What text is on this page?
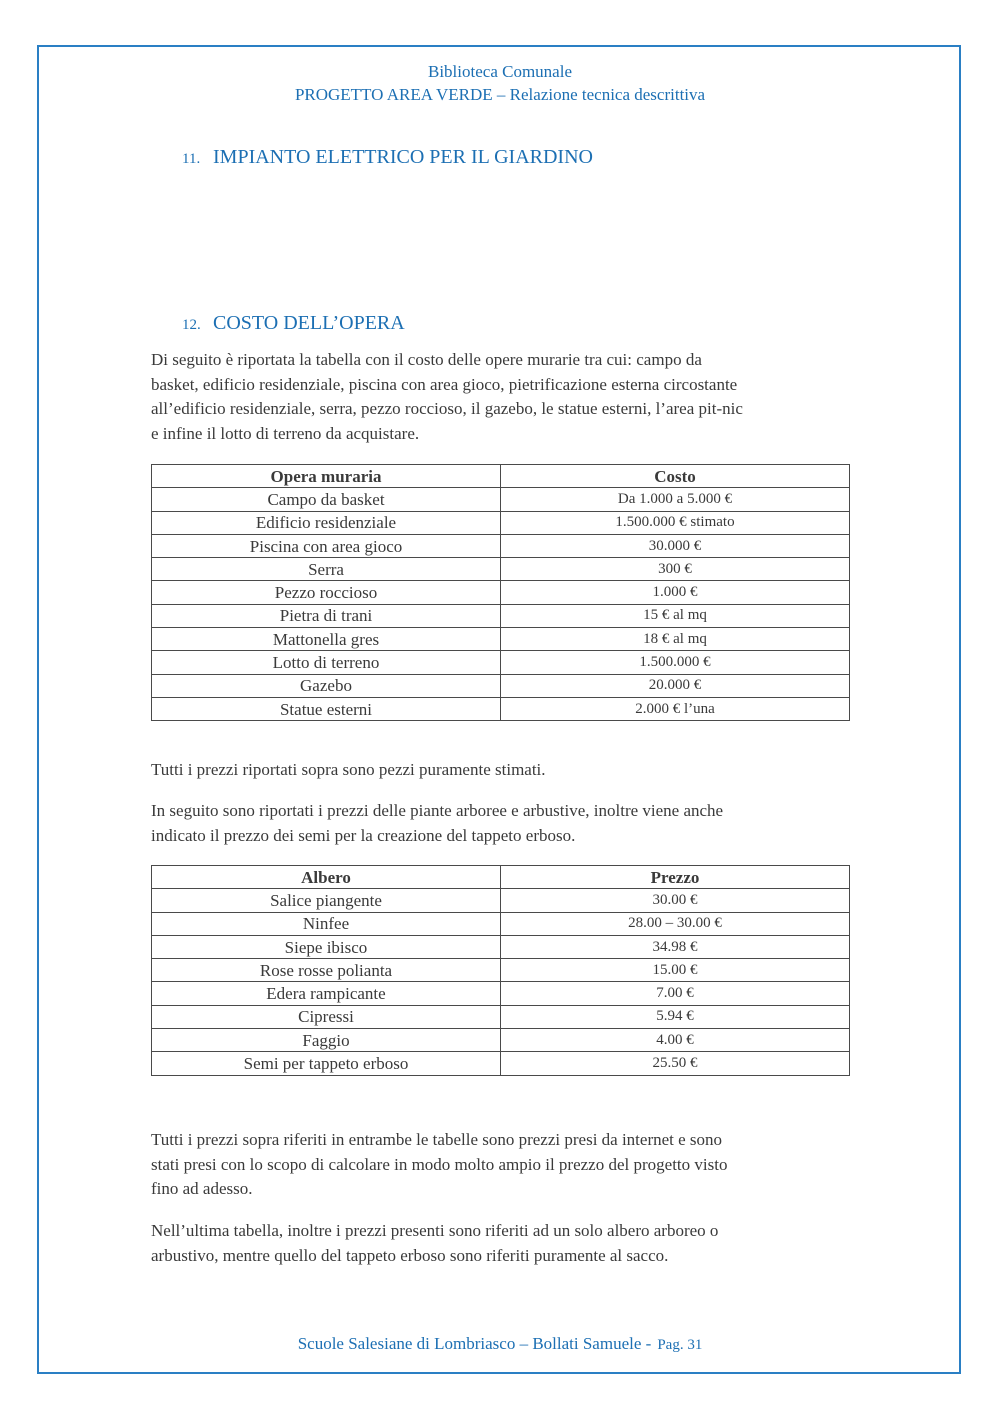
Biblioteca Comunale
PROGETTO AREA VERDE – Relazione tecnica descrittiva
11. IMPIANTO ELETTRICO PER IL GIARDINO
12. COSTO DELL’OPERA
Di seguito è riportata la tabella con il costo delle opere murarie tra cui: campo da
basket, edificio residenziale, piscina con area gioco, pietrificazione esterna circostante
all’edificio residenziale, serra, pezzo roccioso, il gazebo, le statue esterni, l’area pit-nic
e infine il lotto di terreno da acquistare.
Opera muraria	Costo
Campo da basket	Da 1.000 a 5.000 €
Edificio residenziale	1.500.000 € stimato
Piscina con area gioco	30.000 €
Serra	300 €
Pezzo roccioso	1.000 €
Pietra di trani	15 € al mq
Mattonella gres	18 € al mq
Lotto di terreno	1.500.000 €
Gazebo	20.000 €
Statue esterni	2.000 € l’una
Tutti i prezzi riportati sopra sono pezzi puramente stimati.
In seguito sono riportati i prezzi delle piante arboree e arbustive, inoltre viene anche
indicato il prezzo dei semi per la creazione del tappeto erboso.
Albero	Prezzo
Salice piangente	30.00 €
Ninfee	28.00 – 30.00 €
Siepe ibisco	34.98 €
Rose rosse polianta	15.00 €
Edera rampicante	7.00 €
Cipressi	5.94 €
Faggio	4.00 €
Semi per tappeto erboso	25.50 €
Tutti i prezzi sopra riferiti in entrambe le tabelle sono prezzi presi da internet e sono
stati presi con lo scopo di calcolare in modo molto ampio il prezzo del progetto visto
fino ad adesso.
Nell’ultima tabella, inoltre i prezzi presenti sono riferiti ad un solo albero arboreo o
arbustivo, mentre quello del tappeto erboso sono riferiti puramente al sacco.
Scuole Salesiane di Lombriasco – Bollati Samuele - Pag. 31
